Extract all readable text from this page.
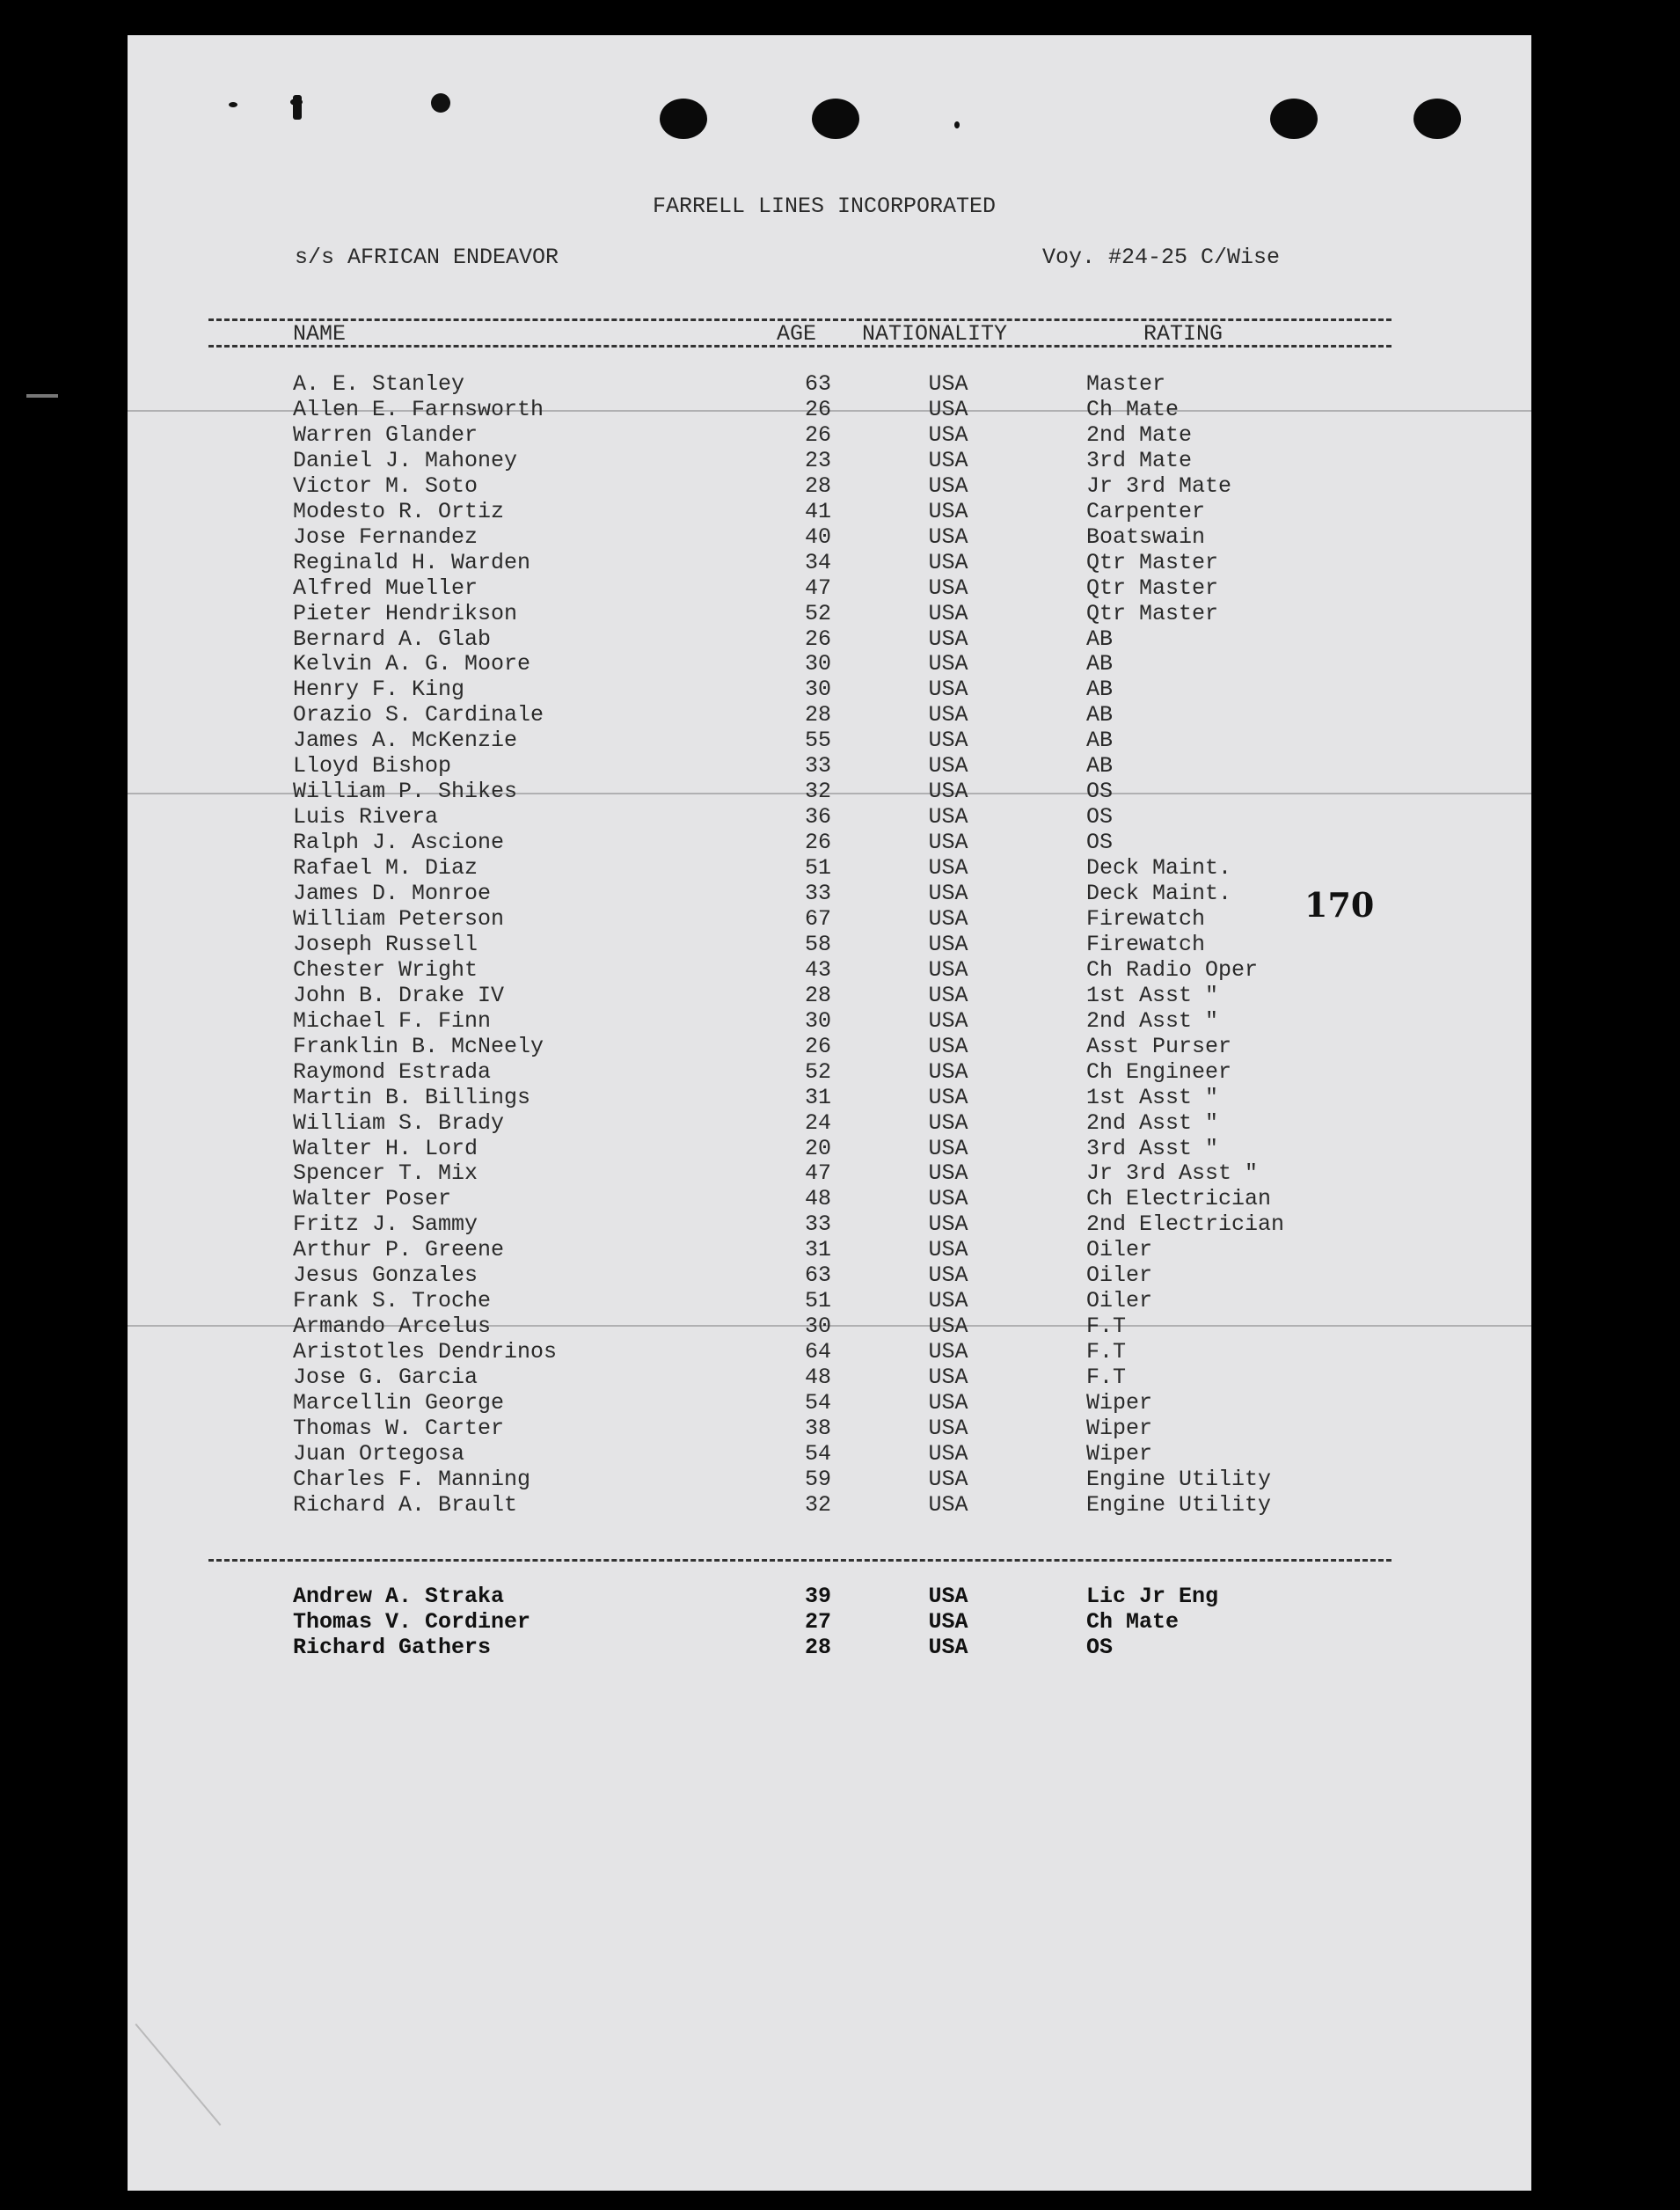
FARRELL LINES INCORPORATED
s/s AFRICAN ENDEAVOR	Voy. #24-25 C/Wise
NAME	AGE NATIONALITY	RATING
A. E. Stanley	63	USA	Master
Allen E. Farnsworth	26	USA	Ch Mate
Warren Glander	26	USA	2nd Mate
Daniel J. Mahoney	23	USA	3rd Mate
Victor M. Soto	28	USA	Jr 3rd Mate
Modesto R. Ortiz	41	USA	Carpenter
Jose Fernandez	40	USA	Boatswain
Reginald H. Warden	34	USA	Qtr Master
Alfred Mueller	47	USA	Qtr Master
Pieter Hendrikson	52	USA	Qtr Master
Bernard A. Glab	26	USA	AB
Kelvin A. G. Moore	30	USA	AB
Henry F. King	30	USA	AB
Orazio S. Cardinale	28	USA	AB
James A. McKenzie	55	USA	AB
Lloyd Bishop	33	USA	AB
William P. Shikes	32	USA	OS
Luis Rivera	36	USA	OS
Ralph J. Ascione	26	USA	OS
Rafael M. Diaz	51	USA	Deck Maint.
James D. Monroe	33	USA	Deck Maint.
William Peterson	67	USA	Firewatch
Joseph Russell	58	USA	Firewatch
Chester Wright	43	USA	Ch Radio Oper
John B. Drake IV	28	USA	1st Asst "
Michael F. Finn	30	USA	2nd Asst "
Franklin B. McNeely	26	USA	Asst Purser
Raymond Estrada	52	USA	Ch Engineer
Martin B. Billings	31	USA	1st Asst "
William S. Brady	24	USA	2nd Asst "
Walter H. Lord	20	USA	3rd Asst "
Spencer T. Mix	47	USA	Jr 3rd Asst "
Walter Poser	48	USA	Ch Electrician
Fritz J. Sammy	33	USA	2nd Electrician
Arthur P. Greene	31	USA	Oiler
Jesus Gonzales	63	USA	Oiler
Frank S. Troche	51	USA	Oiler
Armando Arcelus	30	USA	F.T
Aristotles Dendrinos	64	USA	F.T
Jose G. Garcia	48	USA	F.T
Marcellin George	54	USA	Wiper
Thomas W. Carter	38	USA	Wiper
Juan Ortegosa	54	USA	Wiper
Charles F. Manning	59	USA	Engine Utility
Richard A. Brault	32	USA	Engine Utility
170
Andrew A. Straka	39	USA	Lic Jr Eng
Thomas V. Cordiner	27	USA	Ch Mate
Richard Gathers	28	USA	OS
